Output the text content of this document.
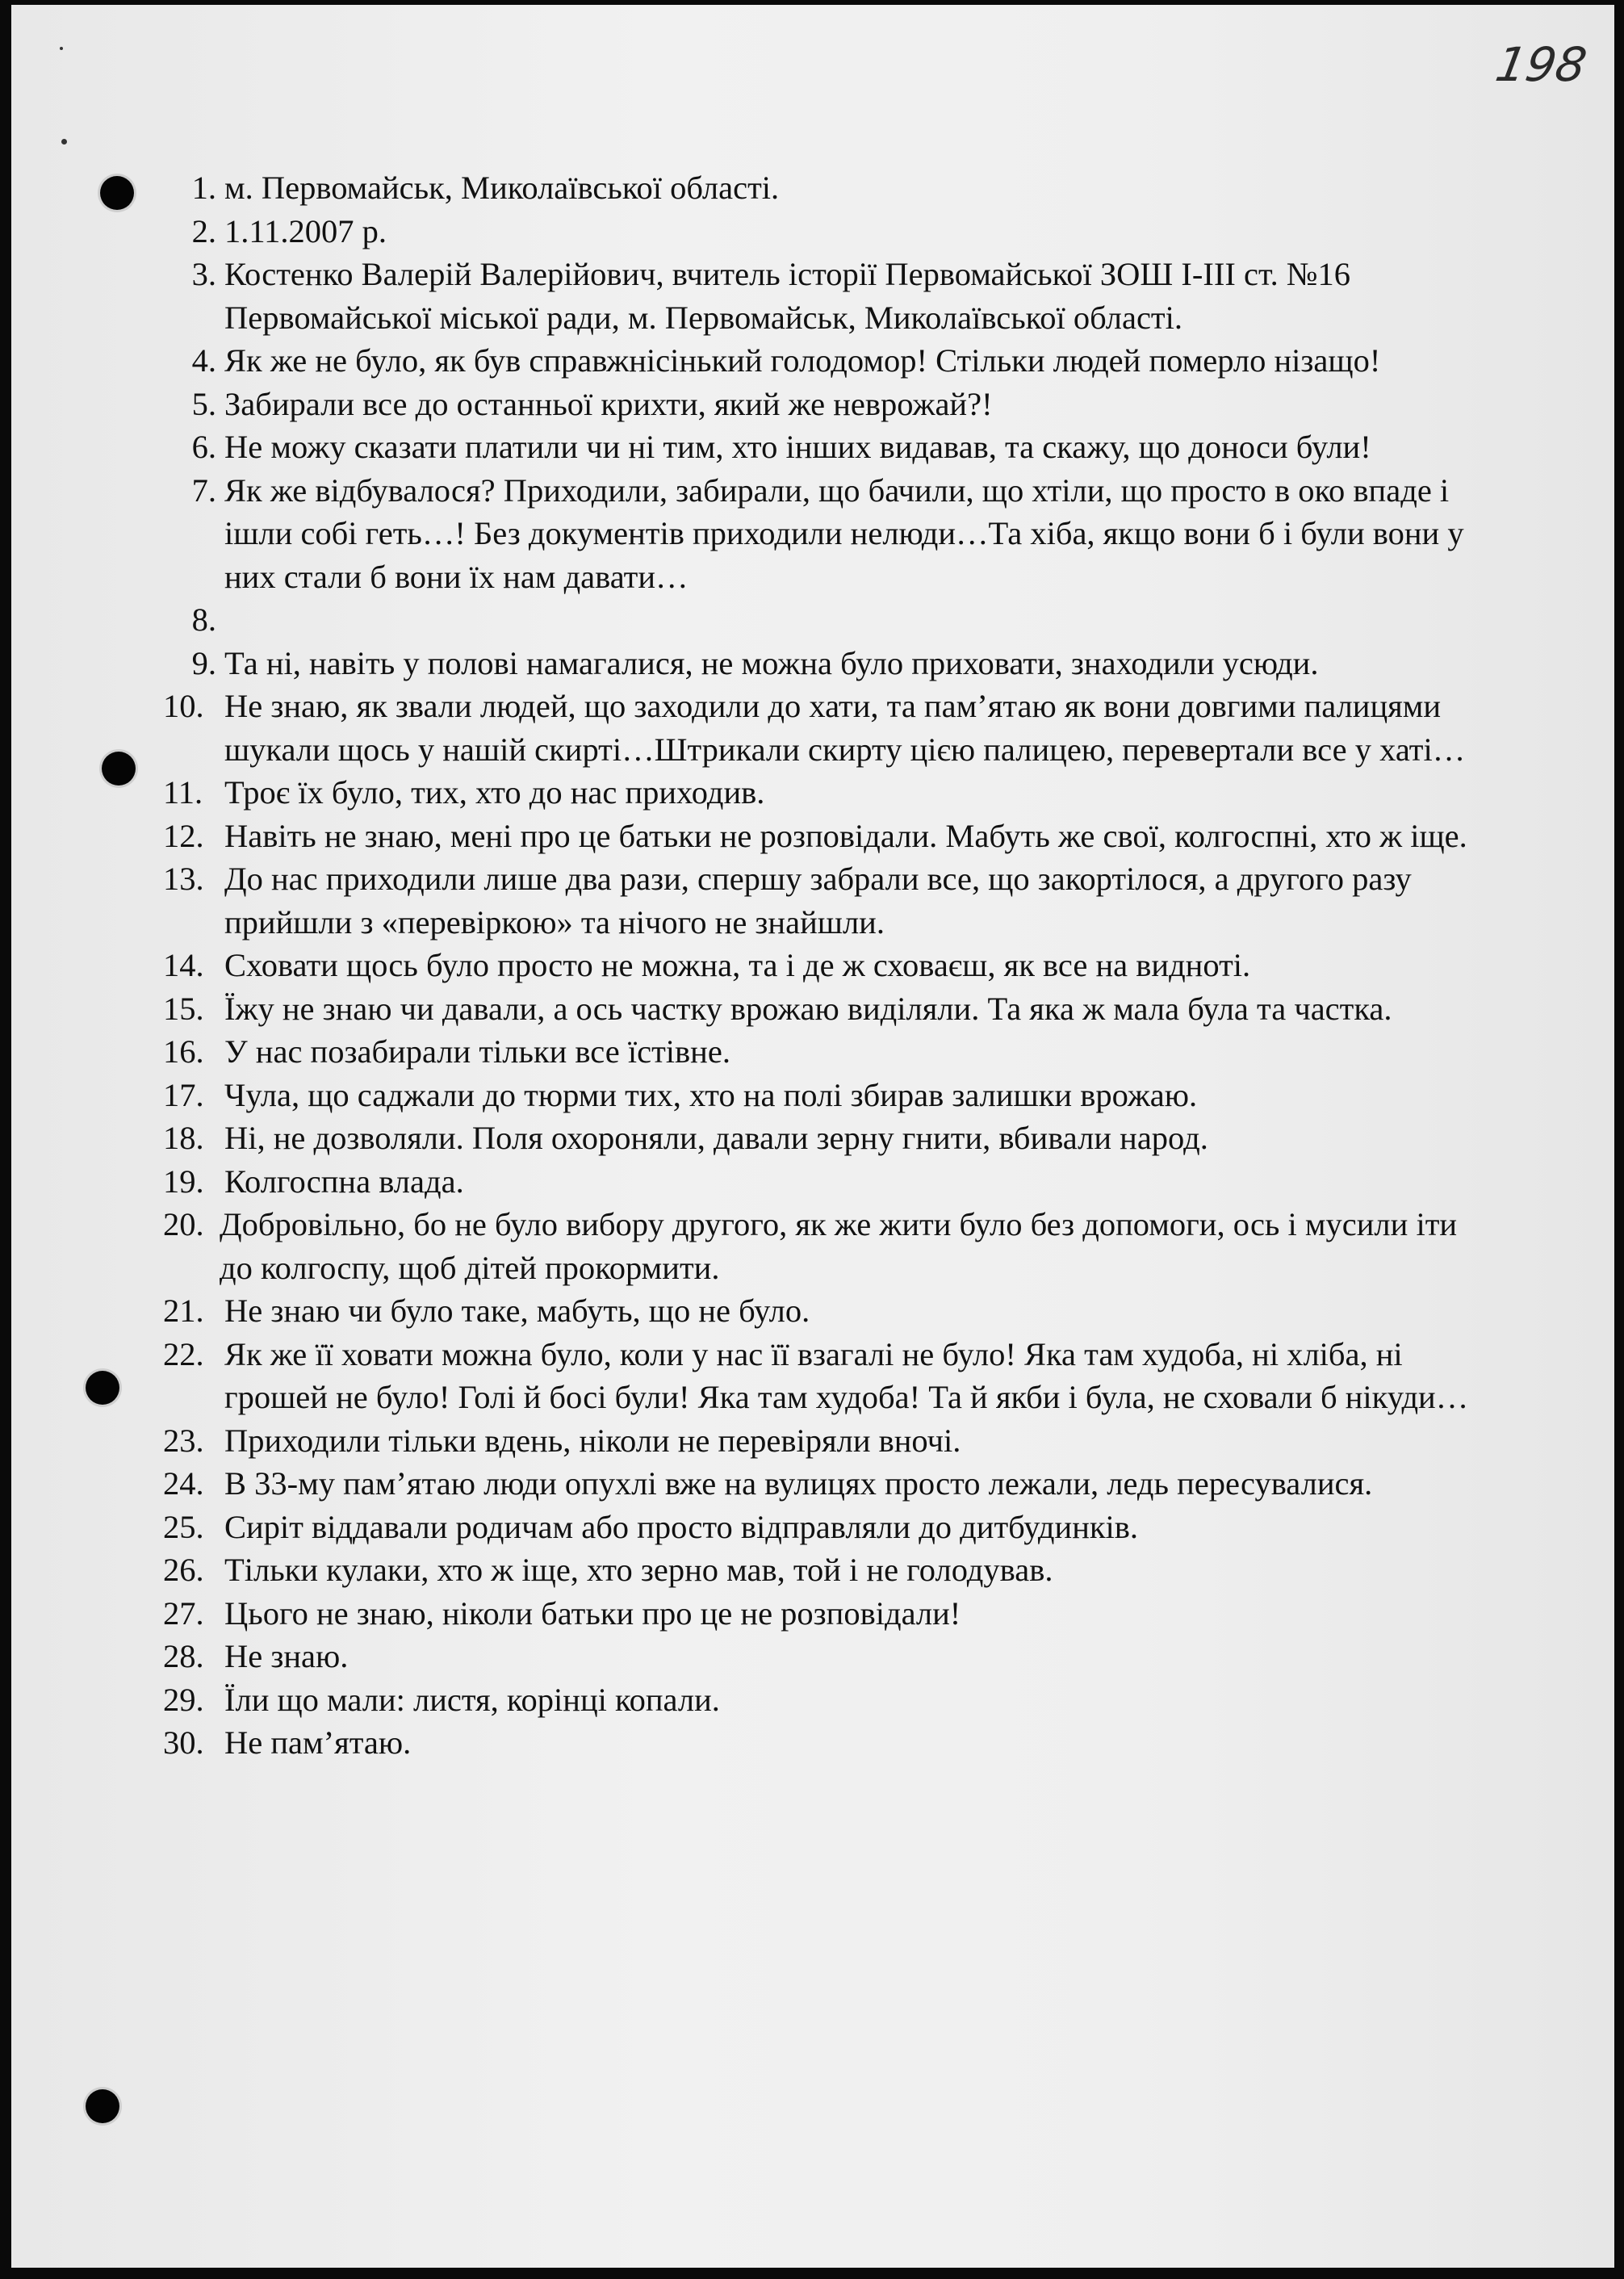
198
1. м. Первомайськ, Миколаївської області.
2. 1.11.2007 р.
3. Костенко Валерій Валерійович, вчитель історії Первомайської ЗОШ І-ІІІ ст. №16 Первомайської міської ради, м. Первомайськ, Миколаївської області.
4. Як же не було, як був справжнісінький голодомор! Стільки людей померло нізащо!
5. Забирали все до останньої крихти, який же неврожай?!
6. Не можу сказати платили чи ні тим, хто інших видавав, та скажу, що доноси були!
7. Як же відбувалося? Приходили, забирали, що бачили, що хтіли, що просто в око впаде і ішли собі геть…! Без документів приходили нелюди…Та хіба, якщо вони б і були вони у них стали б вони їх нам давати…
8.
9. Та ні, навіть у полові намагалися, не можна було приховати, знаходили усюди.
10. Не знаю, як звали людей, що заходили до хати, та пам’ятаю як вони довгими палицями шукали щось у нашій скирті…Штрикали скирту цією палицею, перевертали все у хаті…
11. Троє їх було, тих, хто до нас приходив.
12. Навіть не знаю, мені про це батьки не розповідали. Мабуть же свої, колгоспні, хто ж іще.
13. До нас приходили лише два рази, спершу забрали все, що закортілося, а другого разу прийшли з «перевіркою» та нічого не знайшли.
14. Сховати щось було просто не можна, та і де ж сховаєш, як все на видноті.
15. Їжу не знаю чи давали, а ось частку врожаю виділяли. Та яка ж мала була та частка.
16. У нас позабирали тільки все їстівне.
17. Чула, що саджали до тюрми тих, хто на полі збирав залишки врожаю.
18. Ні, не дозволяли. Поля охороняли, давали зерну гнити, вбивали народ.
19. Колгоспна влада.
20. Добровільно, бо не було вибору другого, як же жити було без допомоги, ось і мусили іти до колгоспу, щоб дітей прокормити.
21. Не знаю чи було таке, мабуть, що не було.
22. Як же її ховати можна було, коли у нас її взагалі не було! Яка там худоба, ні хліба, ні грошей не було! Голі й босі були! Яка там худоба! Та й якби і була, не сховали б нікуди…
23. Приходили тільки вдень, ніколи не перевіряли вночі.
24. В 33-му пам’ятаю люди опухлі вже на вулицях просто лежали, ледь пересувалися.
25. Сиріт віддавали родичам або просто відправляли до дитбудинків.
26. Тільки кулаки, хто ж іще, хто зерно мав, той і не голодував.
27. Цього не знаю, ніколи батьки про це не розповідали!
28. Не знаю.
29. Їли що мали: листя, корінці копали.
30. Не пам’ятаю.
